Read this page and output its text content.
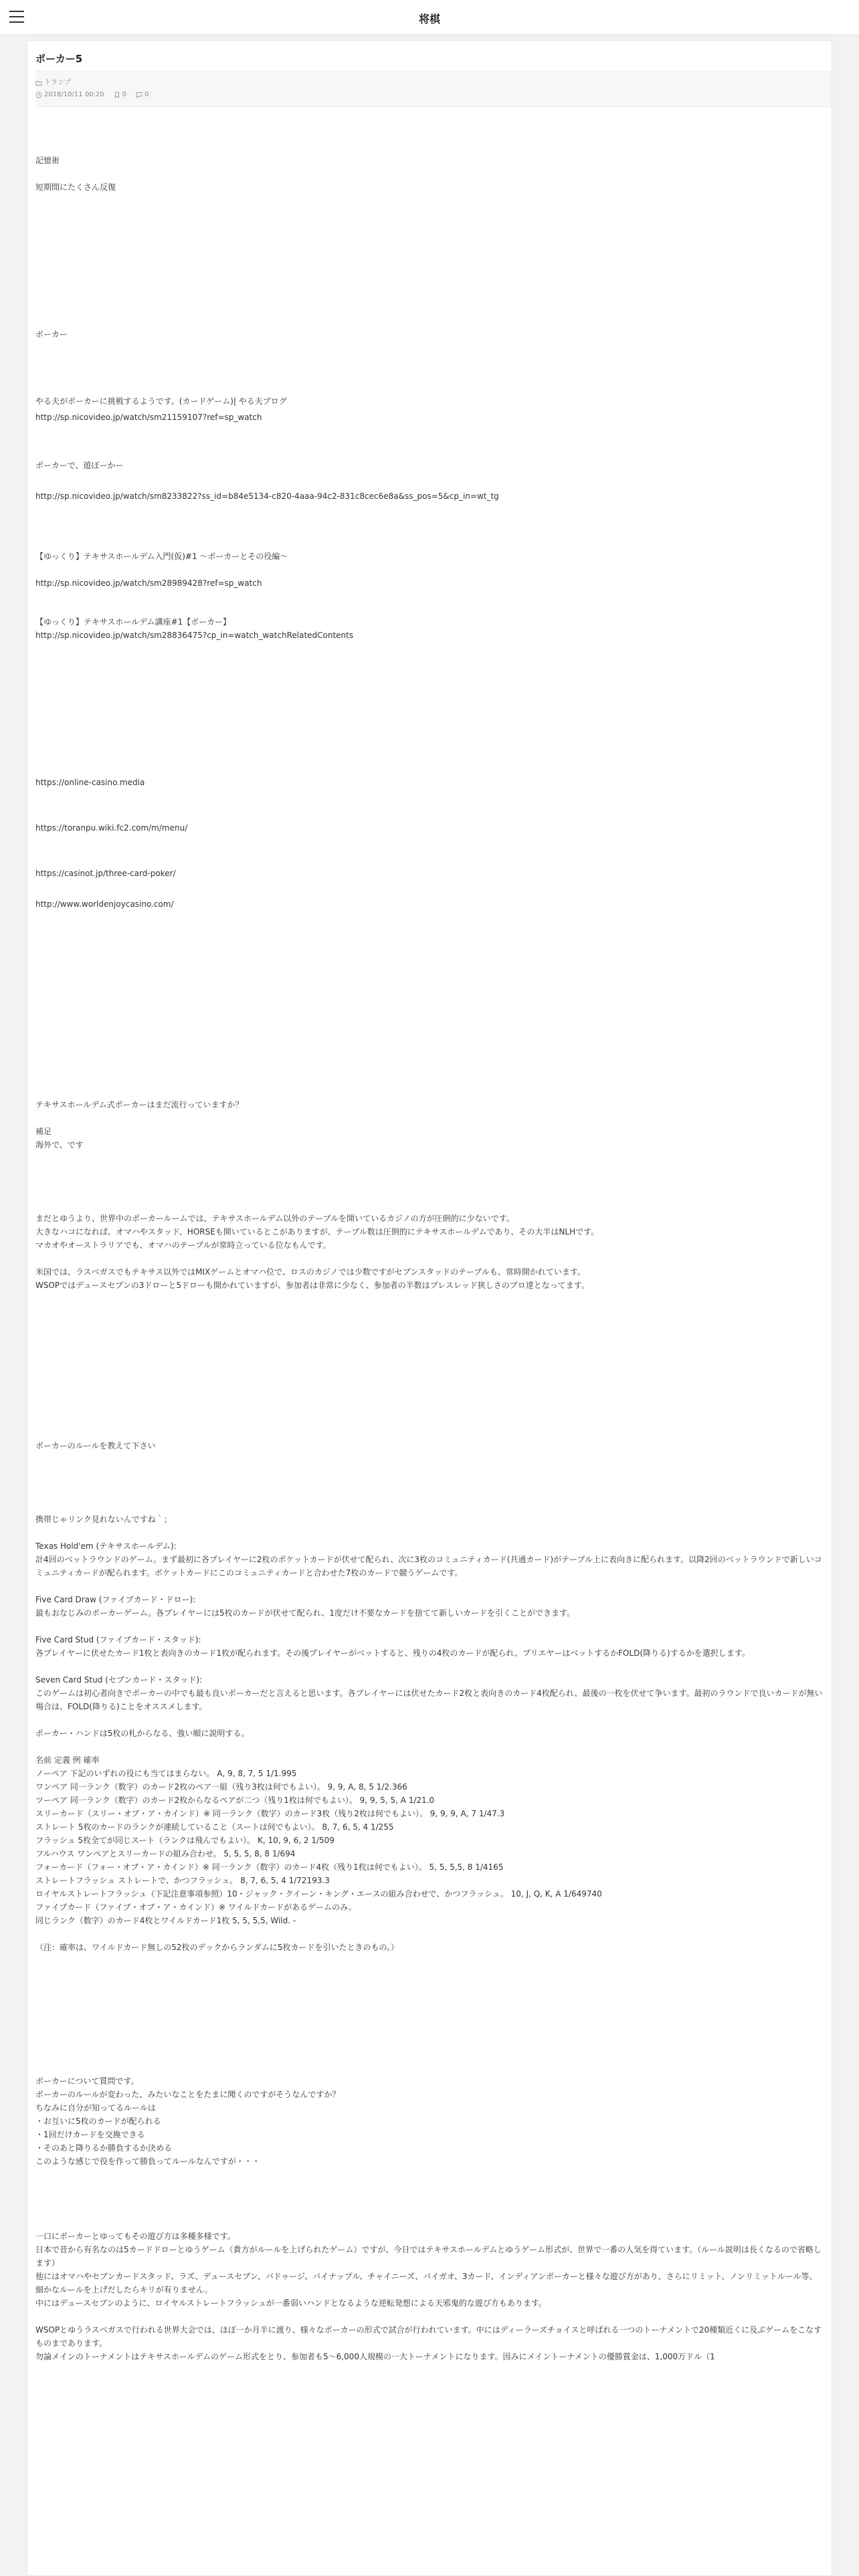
将棋
ポーカー5
トランプ
2018/10/11 00:20	0	0

記憶術

短期間にたくさん反復

ポーカー

やる夫がポーカーに挑戦するようです。(カードゲーム)| やる夫ブログ

http://sp.nicovideo.jp/watch/sm21159107?ref=sp_watch

ポーカーで、遊ぼーかー

http://sp.nicovideo.jp/watch/sm8233822?ss_id=b84e5134-c820-4aaa-94c2-831c8cec6e8a&ss_pos=5&cp_in=wt_tg

【ゆっくり】テキサスホールデム入門(仮)#1 ～ポーカーとその役編～

http://sp.nicovideo.jp/watch/sm28989428?ref=sp_watch

【ゆっくり】テキサスホールデム講座#1【ポーカー】

http://sp.nicovideo.jp/watch/sm28836475?cp_in=watch_watchRelatedContents
https://online-casino.media
https://toranpu.wiki.fc2.com/m/menu/
https://casinot.jp/three-card-poker/
http://www.worldenjoycasino.com/

テキサスホールデム式ポーカーはまだ流行っていますか？

補足

海外で、です

まだとゆうより、世界中のポーカールームでは、テキサスホールデム以外のテーブルを開いているカジノの方が圧倒的に少ないです。

大きなハコになれば、オマハやスタッド、HORSEも開いているとこがありますが、テーブル数は圧倒的にテキサスホールデムであり、その大半はNLHです。

マカオやオーストラリアでも、オマハのテーブルが常時立っている位なもんです。

米国では、ラスベガスでもテキサス以外ではMIXゲームとオマハ位で、ロスのカジノでは少数ですがセブンスタッドのテーブルも、常時開かれています。

WSOPではデュースセブンの3ドローと5ドローも開かれていますが、参加者は非常に少なく、参加者の半数はプレスレッド狭しさのプロ達となってます。

ポーカーのルールを教えて下さい

携帯じゃリンク見れないんですね｀；

Texas Hold'em (テキサスホールデム):

計4回のベットラウンドのゲーム。まず最初に各プレイヤーに2枚のポケットカードが伏せて配られ、次に3枚のコミュニティカード(共通カード)がテーブル上に表向きに配られます。以降2回のベットラウンドで新しいコミュニティカードが配られます。ポケットカードにこのコミュニティカードと合わせた7枚のカードで競うゲームです。

Five Card Draw (ファイブカード・ドロー):

最もおなじみのポーカーゲーム。各プレイヤーには5枚のカードが伏せて配られ、1度だけ不要なカードを捨てて新しいカードを引くことができます。

Five Card Stud (ファイブカード・スタッド):

各プレイヤーに伏せたカード1枚と表向きのカード1枚が配られます。その後プレイヤーがベットすると、残りの4枚のカードが配られ、プリエヤーはベットするかFOLD(降りる)するかを選択します。

Seven Card Stud (セブンカード・スタッド):

このゲームは初心者向きでポーカーの中でも最も良いポーカーだと言えると思います。各プレイヤーには伏せたカード2枚と表向きのカード4枚配られ、最後の一枚を伏せて争います。最初のラウンドで良いカードが無い場合は、FOLD(降りる)ことをオススメします。

ポーカー・ハンドは5枚の札からなる、強い順に説明する。

名前 定義 例 確率

ノーペア 下記のいずれの役にも当てはまらない。 A, 9, 8, 7, 5 1/1.995

ワンペア 同一ランク（数字）のカード2枚のペア一組（残り3枚は何でもよい）。 9, 9, A, 8, 5 1/2.366

ツーペア 同一ランク（数字）のカード2枚からなるペアが二つ（残り1枚は何でもよい）。 9, 9, 5, 5, A 1/21.0

スリーカード（スリー・オブ・ア・カインド）※ 同一ランク（数字）のカード3枚（残り2枚は何でもよい）。 9, 9, 9, A, 7 1/47.3

ストレート 5枚のカードのランクが連続していること（スートは何でもよい）。 8, 7, 6, 5, 4 1/255

フラッシュ 5枚全てが同じスート（ランクは飛んでもよい）。 K, 10, 9, 6, 2 1/509

フルハウス ワンペアとスリーカードの組み合わせ。 5, 5, 5, 8, 8 1/694

フォーカード（フォー・オブ・ア・カインド）※ 同一ランク（数字）のカード4枚（残り1枚は何でもよい）。 5, 5, 5,5, 8 1/4165

ストレートフラッシュ ストレートで、かつフラッシュ。 8, 7, 6, 5, 4 1/72193.3

ロイヤルストレートフラッシュ（下記注意事項参照）10・ジャック・クイーン・キング・エースの組み合わせで、かつフラッシュ。 10, J, Q, K, A 1/649740

ファイブカード（ファイブ・オブ・ア・カインド）※ ワイルドカードがあるゲームのみ。

同じランク（数字）のカード4枚とワイルドカード1枚 5, 5, 5,5, Wild. -

（注：確率は、ワイルドカード無しの52枚のデックからランダムに5枚カードを引いたときのもの。）

ポーカーについて質問です。

ポーカーのルールが変わった、みたいなことをたまに聞くのですがそうなんですか？

ちなみに自分が知ってるルールは

・お互いに5枚のカードが配られる

・1回だけカードを交換できる

・そのあと降りるか勝負するか決める

このような感じで役を作って勝負ってルールなんですが・・・

一口にポーカーとゆってもその遊び方は多種多様です。

日本で昔から有名なのは5カードドローとゆうゲーム（貴方がルールを上げられたゲーム）ですが、今日ではテキサスホールデムとゆうゲーム形式が、世界で一番の人気を得ています。（ルール説明は長くなるので省略します）

他にはオマハやセブンカードスタッド、ラズ、デュースセブン、バドゥージ、パイナップル、チャイニーズ、パイガオ、3カード、インディアンポーカーと様々な遊び方があり、さらにリミット、ノンリミットルール等、細かなルールを上げだしたらキリが有りません。

中にはデュースセブンのように、ロイヤルストレートフラッシュが一番弱いハンドとなるような逆転発想による天邪鬼的な遊び方もあります。

WSOPとゆうラスベガスで行われる世界大会では、ほぼ一か月半に渡り、様々なポーカーの形式で試合が行われています。中にはディーラーズチョイスと呼ばれる一つのトーナメントで20種類近くに及ぶゲームをこなすものまであります。

勿論メインのトーナメントはテキサスホールデムのゲーム形式をとり、参加者も5～6,000人規模の一大トーナメントになります。因みにメイントーナメントの優勝賞金は、1,000万ドル（1
